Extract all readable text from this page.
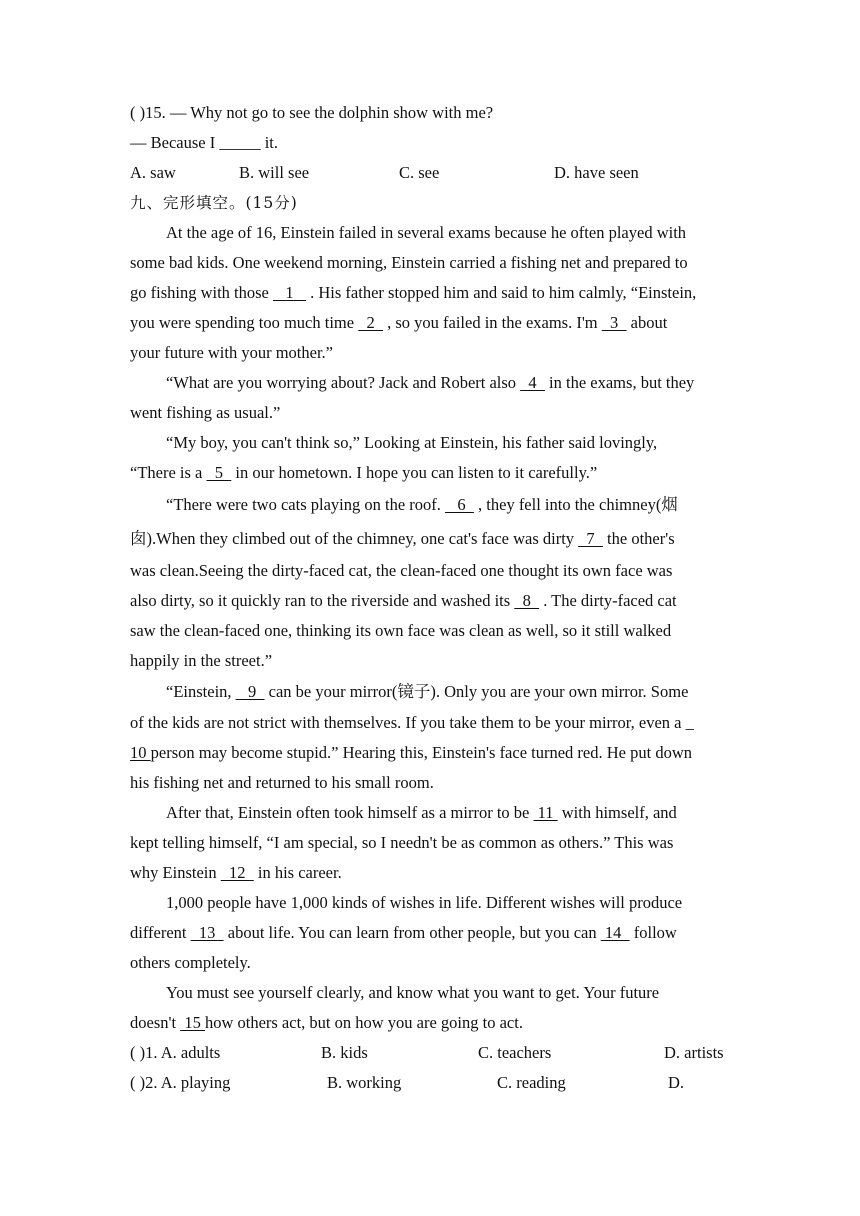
( )15. — Why not go to see the dolphin show with me?
— Because I _____ it.
A. saw	B. will see	C. see	D. have seen
九、完形填空。(15分)
At the age of 16, Einstein failed in several exams because he often played with
some bad kids. One weekend morning, Einstein carried a fishing net and prepared to
go fishing with those    1    . His father stopped him and said to him calmly, “Einstein,
you were spending too much time   2   , so you failed in the exams. I'm   3   about
your future with your mother.”
“What are you worrying about? Jack and Robert also   4   in the exams, but they
went fishing as usual.”
“My boy, you can't think so,” Looking at Einstein, his father said lovingly,
“There is a   5   in our hometown. I hope you can listen to it carefully.”
“There were two cats playing on the roof.    6   , they fell into the chimney(烟
囱).When they climbed out of the chimney, one cat's face was dirty   7   the other's
was clean.Seeing the dirty-faced cat, the clean-faced one thought its own face was
also dirty, so it quickly ran to the riverside and washed its   8   . The dirty-faced cat
saw the clean-faced one, thinking its own face was clean as well, so it still walked
happily in the street.”
“Einstein,    9   can be your mirror(镜子). Only you are your own mirror. Some
of the kids are not strict with themselves. If you take them to be your mirror, even a _
10 person may become stupid.” Hearing this, Einstein's face turned red. He put down
his fishing net and returned to his small room.
After that, Einstein often took himself as a mirror to be  11  with himself, and
kept telling himself, “I am special, so I needn't be as common as others.” This was
why Einstein   12   in his career.
1,000 people have 1,000 kinds of wishes in life. Different wishes will produce
different   13   about life. You can learn from other people, but you can  14   follow
others completely.
You must see yourself clearly, and know what you want to get. Your future
doesn't  15 how others act, but on how you are going to act.
( )1. A. adults	B. kids	C. teachers	D. artists
( )2. A. playing	B. working	C. reading	D.
